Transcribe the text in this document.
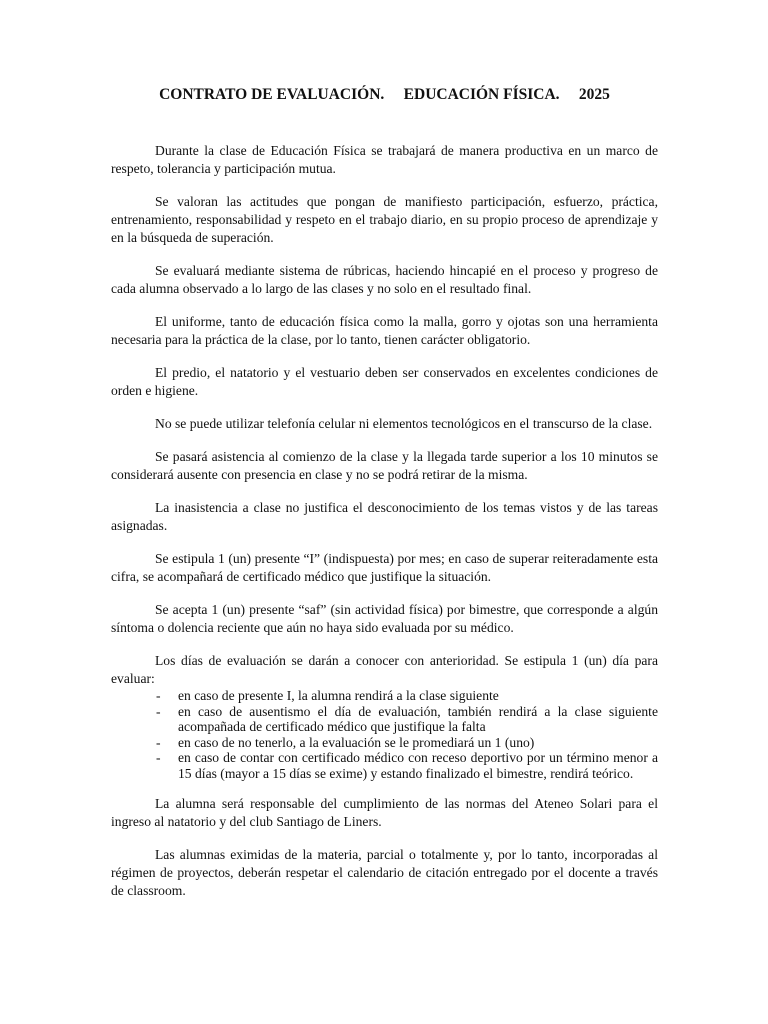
CONTRATO DE EVALUACIÓN.     EDUCACIÓN FÍSICA.     2025

Durante la clase de Educación Física se trabajará de manera productiva en un marco de respeto, tolerancia y participación mutua.

Se valoran las actitudes que pongan de manifiesto participación, esfuerzo, práctica, entrenamiento, responsabilidad y respeto en el trabajo diario, en su propio proceso de aprendizaje y en la búsqueda de superación.

Se evaluará mediante sistema de rúbricas, haciendo hincapié en el proceso y progreso de cada alumna observado a lo largo de las clases y no solo en el resultado final.

El uniforme, tanto de educación física como la malla, gorro y ojotas son una herramienta necesaria para la práctica de la clase, por lo tanto, tienen carácter obligatorio.

El predio, el natatorio y el vestuario deben ser conservados en excelentes condiciones de orden e higiene.

No se puede utilizar telefonía celular ni elementos tecnológicos en el transcurso de la clase.

Se pasará asistencia al comienzo de la clase y la llegada tarde superior a los 10 minutos se considerará ausente con presencia en clase y no se podrá retirar de la misma.

La inasistencia a clase no justifica el desconocimiento de los temas vistos y de las tareas asignadas.

Se estipula 1 (un) presente “I” (indispuesta) por mes; en caso de superar reiteradamente esta cifra, se acompañará de certificado médico que justifique la situación.

Se acepta 1 (un) presente “saf” (sin actividad física) por bimestre, que corresponde a algún síntoma o dolencia reciente que aún no haya sido evaluada por su médico.

Los días de evaluación se darán a conocer con anterioridad. Se estipula 1 (un) día para evaluar:

- en caso de presente I, la alumna rendirá a la clase siguiente
- en caso de ausentismo el día de evaluación, también rendirá a la clase siguiente acompañada de certificado médico que justifique la falta
- en caso de no tenerlo, a la evaluación se le promediará un 1 (uno)
- en caso de contar con certificado médico con receso deportivo por un término menor a 15 días (mayor a 15 días se exime) y estando finalizado el bimestre, rendirá teórico.

La alumna será responsable del cumplimiento de las normas del Ateneo Solari para el ingreso al natatorio y del club Santiago de Liners.

Las alumnas eximidas de la materia, parcial o totalmente y, por lo tanto, incorporadas al régimen de proyectos, deberán respetar el calendario de citación entregado por el docente a través de classroom.
